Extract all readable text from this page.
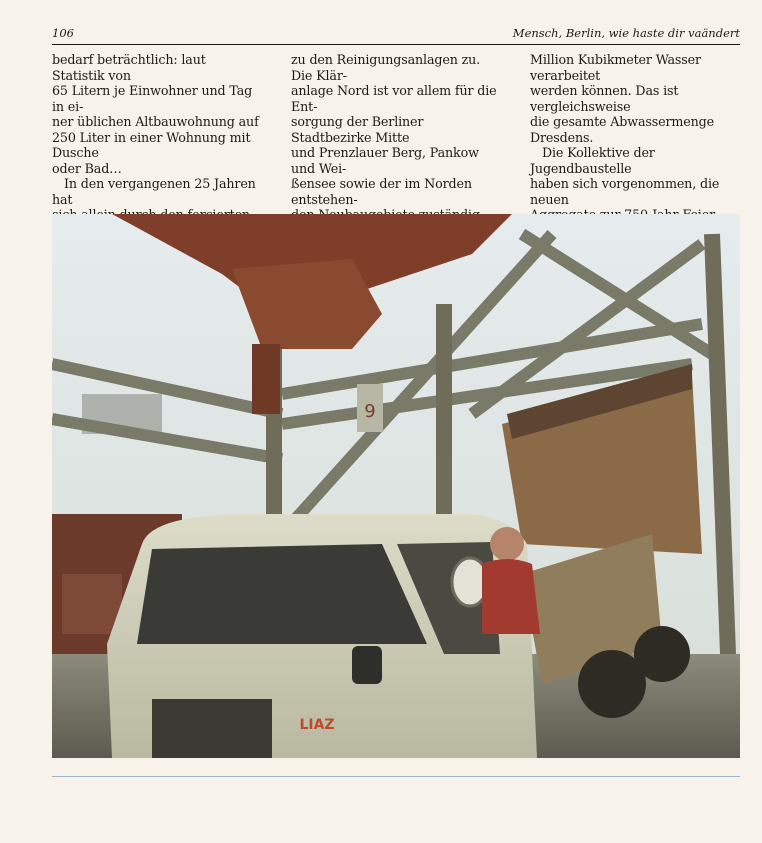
106	Mensch, Berlin, wie haste dir vaändert

bedarf beträchtlich: laut Statistik von
65 Litern je Einwohner und Tag in ei-
ner üblichen Altbauwohnung auf
250 Liter in einer Wohnung mit Dusche
oder Bad…

In den vergangenen 25 Jahren hat

zu den Reinigungsanlagen zu. Die Klär-
anlage Nord ist vor allem für die Ent-
sorgung der Berliner Stadtbezirke Mitte
und Prenzlauer Berg, Pankow und Wei-
ßensee sowie der im Norden entstehen-

Million Kubikmeter Wasser verarbeitet
werden können. Das ist vergleichsweise
die gesamte Abwassermenge Dresdens.

Die Kollektive der Jugendbaustelle
haben sich vorgenommen, die neuen

9
LIAZ
